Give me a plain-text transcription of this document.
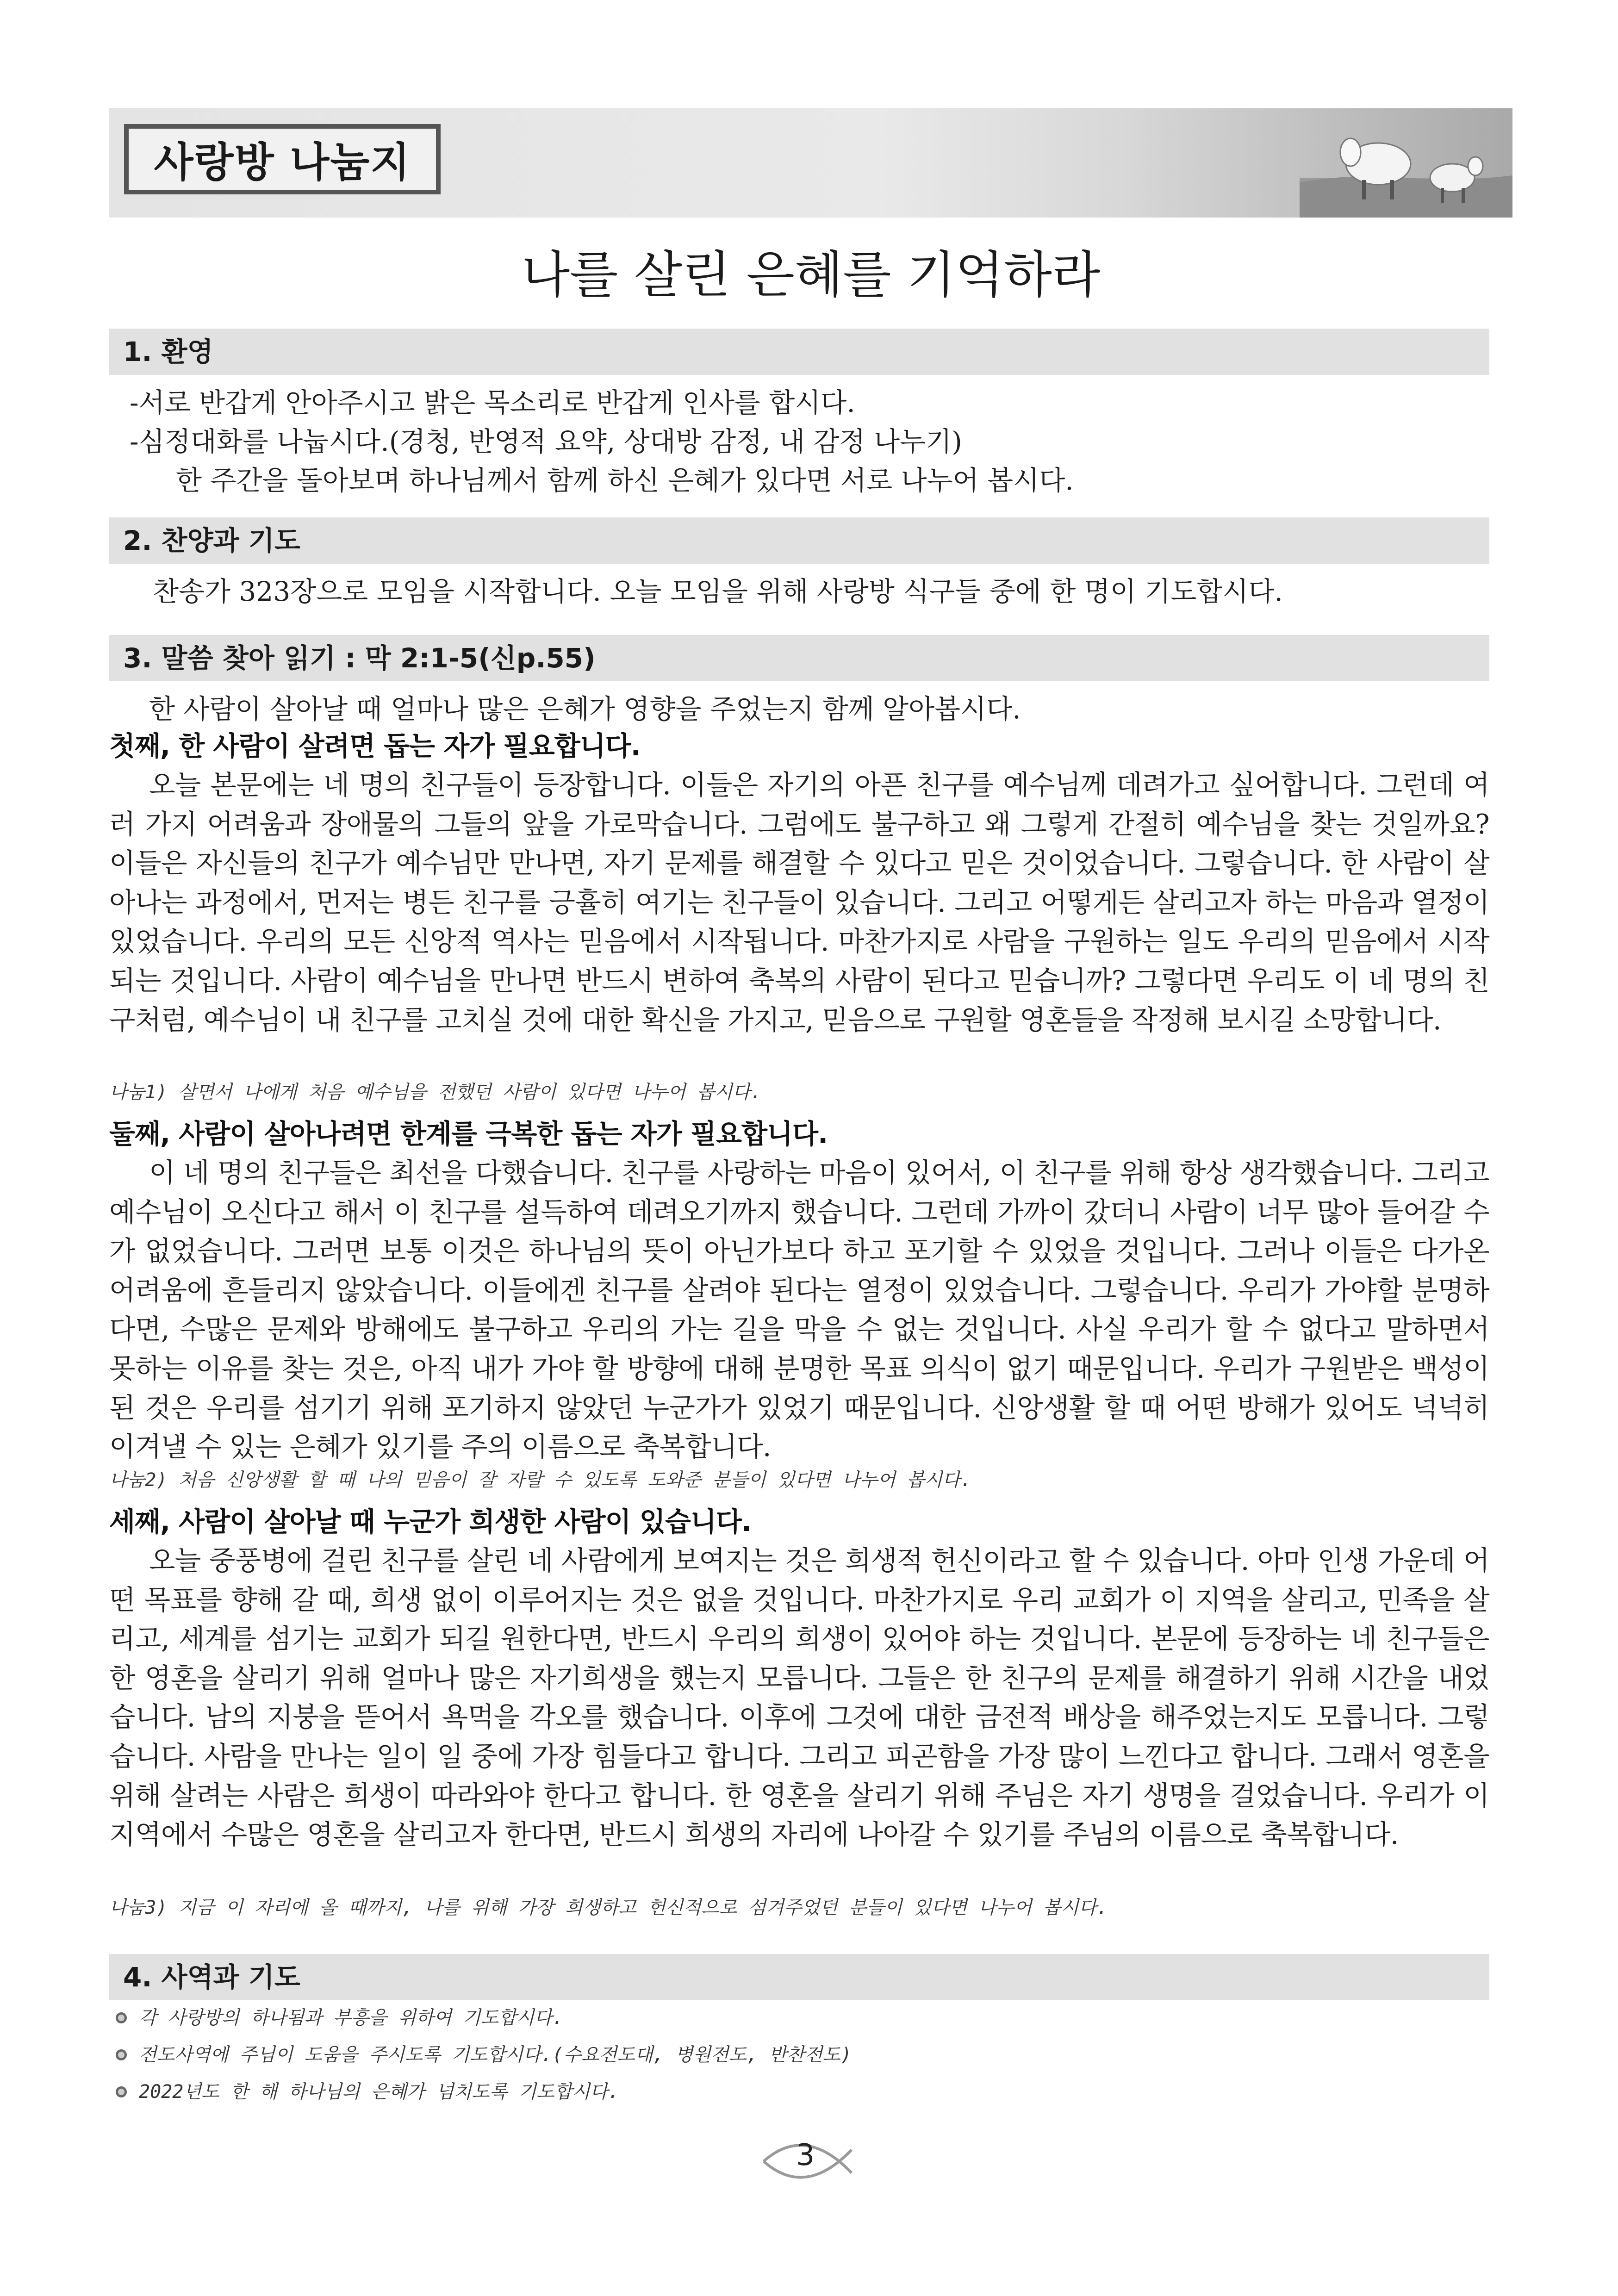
사랑방 나눔지
나를 살린 은혜를 기억하라
1. 환영
-서로 반갑게 안아주시고 밝은 목소리로 반갑게 인사를 합시다.
-심정대화를 나눕시다.(경청, 반영적 요약, 상대방 감정, 내 감정 나누기)
한 주간을 돌아보며 하나님께서 함께 하신 은혜가 있다면 서로 나누어 봅시다.
2. 찬양과 기도
찬송가 323장으로 모임을 시작합니다. 오늘 모임을 위해 사랑방 식구들 중에 한 명이 기도합시다.
3. 말씀 찾아 읽기 : 막 2:1-5(신p.55)
한 사람이 살아날 때 얼마나 많은 은혜가 영향을 주었는지 함께 알아봅시다.
첫째, 한 사람이 살려면 돕는 자가 필요합니다.

오늘 본문에는 네 명의 친구들이 등장합니다. 이들은 자기의 아픈 친구를 예수님께 데려가고 싶어합니다. 그런데 여러 가지 어려움과 장애물의 그들의 앞을 가로막습니다. 그럼에도 불구하고 왜 그렇게 간절히 예수님을 찾는 것일까요? 이들은 자신들의 친구가 예수님만 만나면, 자기 문제를 해결할 수 있다고 믿은 것이었습니다. 그렇습니다. 한 사람이 살아나는 과정에서, 먼저는 병든 친구를 긍휼히 여기는 친구들이 있습니다. 그리고 어떻게든 살리고자 하는 마음과 열정이 있었습니다. 우리의 모든 신앙적 역사는 믿음에서 시작됩니다. 마찬가지로 사람을 구원하는 일도 우리의 믿음에서 시작되는 것입니다. 사람이 예수님을 만나면 반드시 변하여 축복의 사람이 된다고 믿습니까? 그렇다면 우리도 이 네 명의 친구처럼, 예수님이 내 친구를 고치실 것에 대한 확신을 가지고, 믿음으로 구원할 영혼들을 작정해 보시길 소망합니다.

나눔1) 살면서 나에게 처음 예수님을 전했던 사람이 있다면 나누어 봅시다.
둘째, 사람이 살아나려면 한계를 극복한 돕는 자가 필요합니다.

이 네 명의 친구들은 최선을 다했습니다. 친구를 사랑하는 마음이 있어서, 이 친구를 위해 항상 생각했습니다. 그리고 예수님이 오신다고 해서 이 친구를 설득하여 데려오기까지 했습니다. 그런데 가까이 갔더니 사람이 너무 많아 들어갈 수가 없었습니다. 그러면 보통 이것은 하나님의 뜻이 아닌가보다 하고 포기할 수 있었을 것입니다. 그러나 이들은 다가온 어려움에 흔들리지 않았습니다. 이들에겐 친구를 살려야 된다는 열정이 있었습니다. 그렇습니다. 우리가 가야할 분명하다면, 수많은 문제와 방해에도 불구하고 우리의 가는 길을 막을 수 없는 것입니다. 사실 우리가 할 수 없다고 말하면서 못하는 이유를 찾는 것은, 아직 내가 가야 할 방향에 대해 분명한 목표 의식이 없기 때문입니다. 우리가 구원받은 백성이 된 것은 우리를 섬기기 위해 포기하지 않았던 누군가가 있었기 때문입니다. 신앙생활 할 때 어떤 방해가 있어도 넉넉히 이겨낼 수 있는 은혜가 있기를 주의 이름으로 축복합니다.

나눔2) 처음 신앙생활 할 때 나의 믿음이 잘 자랄 수 있도록 도와준 분들이 있다면 나누어 봅시다.
세째, 사람이 살아날 때 누군가 희생한 사람이 있습니다.

오늘 중풍병에 걸린 친구를 살린 네 사람에게 보여지는 것은 희생적 헌신이라고 할 수 있습니다. 아마 인생 가운데 어떤 목표를 향해 갈 때, 희생 없이 이루어지는 것은 없을 것입니다. 마찬가지로 우리 교회가 이 지역을 살리고, 민족을 살리고, 세계를 섬기는 교회가 되길 원한다면, 반드시 우리의 희생이 있어야 하는 것입니다. 본문에 등장하는 네 친구들은 한 영혼을 살리기 위해 얼마나 많은 자기희생을 했는지 모릅니다. 그들은 한 친구의 문제를 해결하기 위해 시간을 내었습니다. 남의 지붕을 뜯어서 욕먹을 각오를 했습니다. 이후에 그것에 대한 금전적 배상을 해주었는지도 모릅니다. 그렇습니다. 사람을 만나는 일이 일 중에 가장 힘들다고 합니다. 그리고 피곤함을 가장 많이 느낀다고 합니다. 그래서 영혼을 위해 살려는 사람은 희생이 따라와야 한다고 합니다. 한 영혼을 살리기 위해 주님은 자기 생명을 걸었습니다. 우리가 이 지역에서 수많은 영혼을 살리고자 한다면, 반드시 희생의 자리에 나아갈 수 있기를 주님의 이름으로 축복합니다.

나눔3) 지금 이 자리에 올 때까지, 나를 위해 가장 희생하고 헌신적으로 섬겨주었던 분들이 있다면 나누어 봅시다.
4. 사역과 기도
각 사랑방의 하나됨과 부흥을 위하여 기도합시다.
전도사역에 주님이 도움을 주시도록 기도합시다.(수요전도대, 병원전도, 반찬전도)
2022년도 한 해 하나님의 은혜가 넘치도록 기도합시다.
3
